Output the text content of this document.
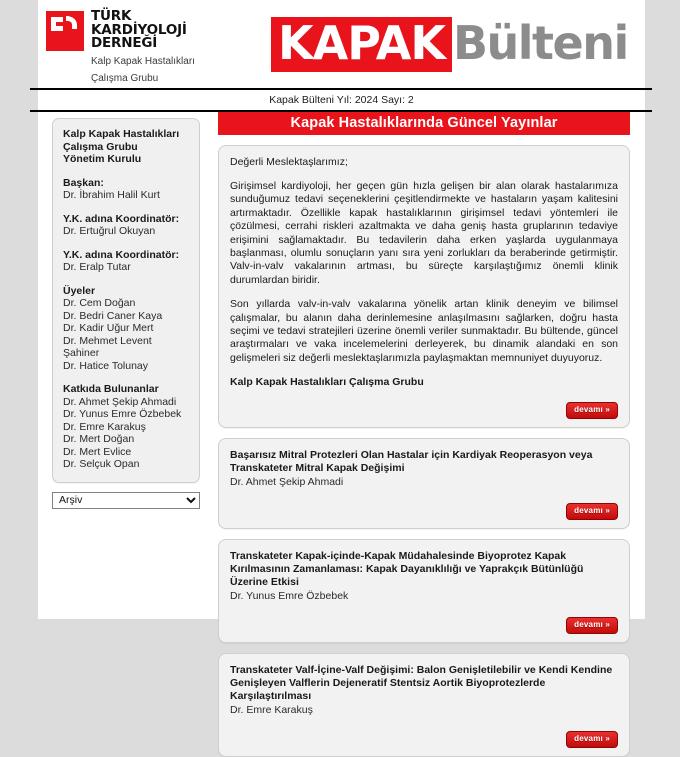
TÜRK
KARDİYOLOJİ
DERNEĞİ
Kalp Kapak Hastalıkları
Çalışma Grubu
KAPAK Bülteni
Kapak Bülteni Yıl: 2024 Sayı: 2
Kalp Kapak Hastalıkları
Çalışma Grubu
Yönetim Kurulu
Başkan:
Dr. İbrahim Halil Kurt
Y.K. adına Koordinatör:
Dr. Ertuğrul Okuyan
Y.K. adına Koordinatör:
Dr. Eralp Tutar
Üyeler
Dr. Cem Doğan
Dr. Bedri Caner Kaya
Dr. Kadir Uğur Mert
Dr. Mehmet Levent Şahiner
Dr. Hatice Tolunay
Katkıda Bulunanlar
Dr. Ahmet Şekip Ahmadi
Dr. Yunus Emre Özbebek
Dr. Emre Karakuş
Dr. Mert Doğan
Dr. Mert Evlice
Dr. Selçuk Opan
Arşiv
Kapak Hastalıklarında Güncel Yayınlar
Değerli Meslektaşlarımız;
Girişimsel kardiyoloji, her geçen gün hızla gelişen bir alan olarak hastalarımıza sunduğumuz tedavi seçeneklerini çeşitlendirmekte ve hastaların yaşam kalitesini artırmaktadır. Özellikle kapak hastalıklarının girişimsel tedavi yöntemleri ile çözülmesi, cerrahi riskleri azaltmakta ve daha geniş hasta gruplarının tedaviye erişimini sağlamaktadır. Bu tedavilerin daha erken yaşlarda uygulanmaya başlanması, olumlu sonuçların yanı sıra yeni zorlukları da beraberinde getirmiştir. Valv-in-valv vakalarının artması, bu süreçte karşılaştığımız önemli klinik durumlardan biridir.
Son yıllarda valv-in-valv vakalarına yönelik artan klinik deneyim ve bilimsel çalışmalar, bu alanın daha derinlemesine anlaşılmasını sağlarken, doğru hasta seçimi ve tedavi stratejileri üzerine önemli veriler sunmaktadır. Bu bültende, güncel araştırmaları ve vaka incelemelerini derleyerek, bu dinamik alandaki en son gelişmeleri siz değerli meslektaşlarımızla paylaşmaktan memnuniyet duyuyoruz.
Kalp Kapak Hastalıkları Çalışma Grubu
devamı »
Başarısız Mitral Protezleri Olan Hastalar için Kardiyak Reoperasyon veya Transkateter Mitral Kapak Değişimi
Dr. Ahmet Şekip Ahmadi
devamı »
Transkateter Kapak-içinde-Kapak Müdahalesinde Biyoprotez Kapak Kırılmasının Zamanlaması: Kapak Dayanıklılığı ve Yaprakçık Bütünlüğü Üzerine Etkisi
Dr. Yunus Emre Özbebek
devamı »
Transkateter Valf-İçine-Valf Değişimi: Balon Genişletilebilir ve Kendi Kendine Genişleyen Valflerin Dejeneratif Stentsiz Aortik Biyoprotezlerde Karşılaştırılması
Dr. Emre Karakuş
devamı »
